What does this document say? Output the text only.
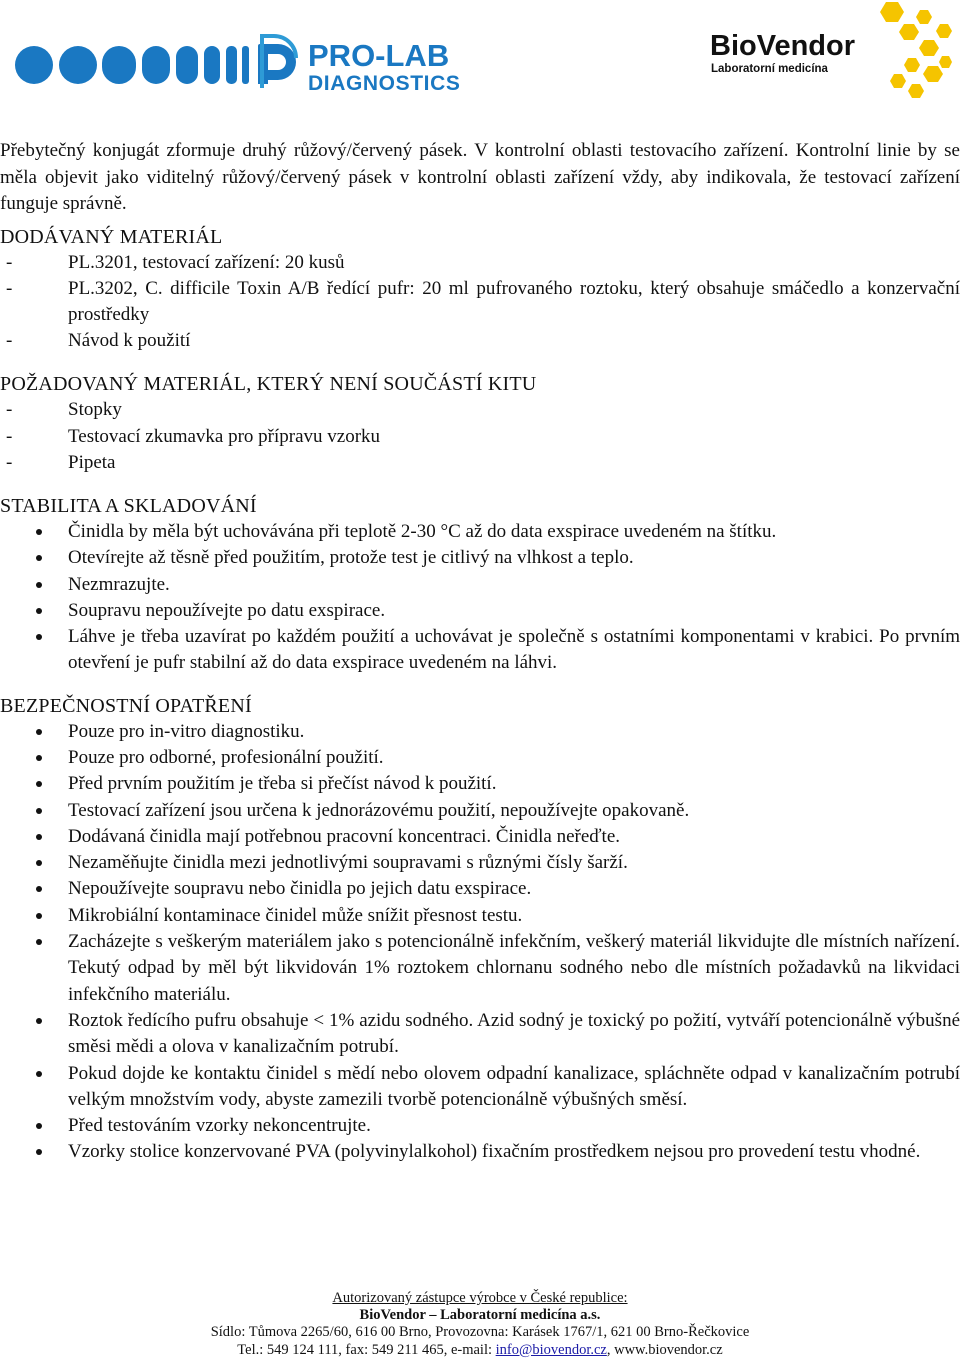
PRO-LAB
DIAGNOSTICS
BioVendor
Laboratorní medicína

Přebytečný konjugát zformuje druhý růžový/červený pásek. V kontrolní oblasti testovacího zařízení. Kontrolní linie by se měla objevit jako viditelný růžový/červený pásek v kontrolní oblasti zařízení vždy, aby indikovala, že testovací zařízení funguje správně.

DODÁVANÝ MATERIÁL
-	PL.3201, testovací zařízení: 20 kusů
-	PL.3202, C. difficile Toxin A/B ředící pufr: 20 ml pufrovaného roztoku, který obsahuje smáčedlo a konzervační prostředky
-	Návod k použití
POŽADOVANÝ MATERIÁL, KTERÝ NENÍ SOUČÁSTÍ KITU
-	Stopky
-	Testovací zkumavka pro přípravu vzorku
-	Pipeta
STABILITA A SKLADOVÁNÍ
Činidla by měla být uchovávána při teplotě 2-30 °C až do data exspirace uvedeném na štítku.
Otevírejte až těsně před použitím, protože test je citlivý na vlhkost a teplo.
Nezmrazujte.
Soupravu nepoužívejte po datu exspirace.
Láhve je třeba uzavírat po každém použití a uchovávat je společně s ostatními komponentami v krabici. Po prvním otevření je pufr stabilní až do data exspirace uvedeném na láhvi.
BEZPEČNOSTNÍ OPATŘENÍ
Pouze pro in-vitro diagnostiku.
Pouze pro odborné, profesionální použití.
Před prvním použitím je třeba si přečíst návod k použití.
Testovací zařízení jsou určena k jednorázovému použití, nepoužívejte opakovaně.
Dodávaná činidla mají potřebnou pracovní koncentraci. Činidla neřeďte.
Nezaměňujte činidla mezi jednotlivými soupravami s různými čísly šarží.
Nepoužívejte soupravu nebo činidla po jejich datu exspirace.
Mikrobiální kontaminace činidel může snížit přesnost testu.
Zacházejte s veškerým materiálem jako s potencionálně infekčním, veškerý materiál likvidujte dle místních nařízení. Tekutý odpad by měl být likvidován 1% roztokem chlornanu sodného nebo dle místních požadavků na likvidaci infekčního materiálu.
Roztok ředícího pufru obsahuje < 1% azidu sodného. Azid sodný je toxický po požití, vytváří potencionálně výbušné směsi mědi a olova v kanalizačním potrubí.
Pokud dojde ke kontaktu činidel s mědí nebo olovem odpadní kanalizace, spláchněte odpad v kanalizačním potrubí velkým množstvím vody, abyste zamezili tvorbě potencionálně výbušných směsí.
Před testováním vzorky nekoncentrujte.
Vzorky stolice konzervované PVA (polyvinylalkohol) fixačním prostředkem nejsou pro provedení testu vhodné.
Autorizovaný zástupce výrobce v České republice:
BioVendor – Laboratorní medicína a.s.
Sídlo: Tůmova 2265/60, 616 00 Brno, Provozovna: Karásek 1767/1, 621 00 Brno-Řečkovice
Tel.: 549 124 111, fax: 549 211 465, e-mail: info@biovendor.cz, www.biovendor.cz
